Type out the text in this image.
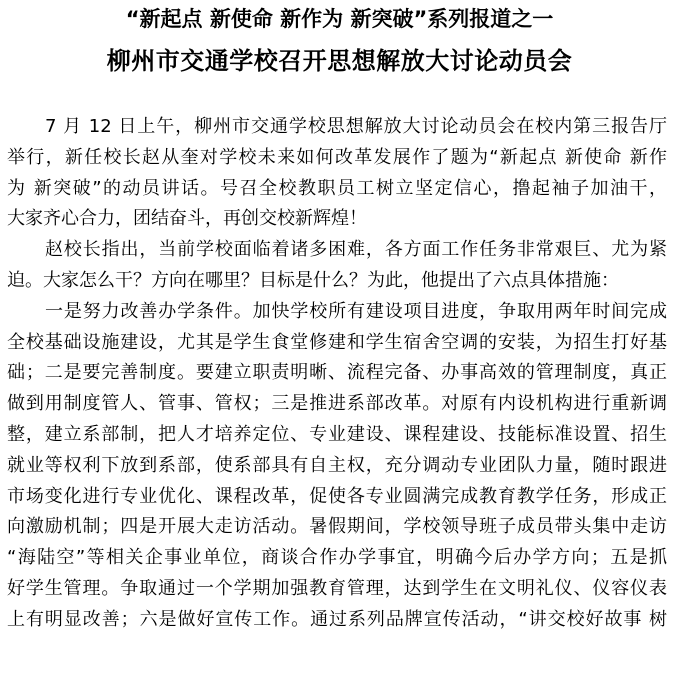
“新起点 新使命 新作为 新突破”系列报道之一
柳州市交通学校召开思想解放大讨论动员会
7 月 12 日上午，柳州市交通学校思想解放大讨论动员会在校内第三报告厅
举行，新任校长赵从奎对学校未来如何改革发展作了题为“新起点 新使命 新作
为 新突破”的动员讲话。号召全校教职员工树立坚定信心，撸起袖子加油干，
大家齐心合力，团结奋斗，再创交校新辉煌！
赵校长指出，当前学校面临着诸多困难，各方面工作任务非常艰巨、尤为紧
迫。大家怎么干？方向在哪里？目标是什么？为此，他提出了六点具体措施：
一是努力改善办学条件。加快学校所有建设项目进度，争取用两年时间完成
全校基础设施建设，尤其是学生食堂修建和学生宿舍空调的安装，为招生打好基
础；二是要完善制度。要建立职责明晰、流程完备、办事高效的管理制度，真正
做到用制度管人、管事、管权；三是推进系部改革。对原有内设机构进行重新调
整，建立系部制，把人才培养定位、专业建设、课程建设、技能标准设置、招生
就业等权利下放到系部，使系部具有自主权，充分调动专业团队力量，随时跟进
市场变化进行专业优化、课程改革，促使各专业圆满完成教育教学任务，形成正
向激励机制；四是开展大走访活动。暑假期间，学校领导班子成员带头集中走访
“海陆空”等相关企事业单位，商谈合作办学事宜，明确今后办学方向；五是抓
好学生管理。争取通过一个学期加强教育管理，达到学生在文明礼仪、仪容仪表
上有明显改善；六是做好宣传工作。通过系列品牌宣传活动，“讲交校好故事 树
